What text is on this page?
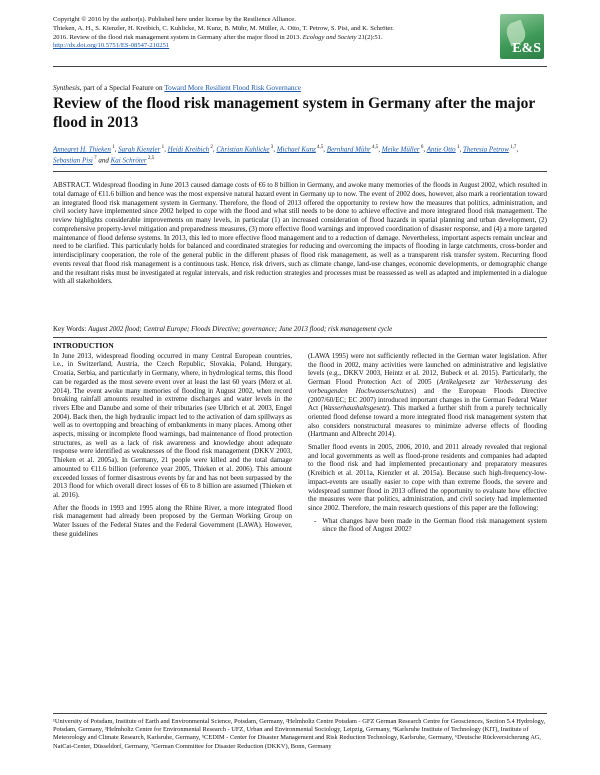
Copyright © 2016 by the author(s). Published here under license by the Resilience Alliance.
Thieken, A. H., S. Kienzler, H. Kreibich, C. Kuhlicke, M. Kunz, B. Mühr, M. Müller, A. Otto, T. Petrow, S. Pisi, and K. Schröter.
2016. Review of the flood risk management system in Germany after the major flood in 2013. Ecology and Society 21(2):51.
http://dx.doi.org/10.5751/ES-08547-210251	E&S
Synthesis, part of a Special Feature on Toward More Resilient Flood Risk Governance
Review of the flood risk management system in Germany after the major flood in 2013
Annegret H. Thieken $^1$, Sarah Kienzler $^1$, Heidi Kreibich $^2$, Christian Kuhlicke $^3$, Michael Kunz $^{4,5}$, Bernhard Mühr $^{4,5}$, Meike Müller $^6$, Antje Otto $^1$, Theresia Petrow $^{1,7}$, Sebastian Pisi $^7$ and Kai Schröter $^{2,5}$
ABSTRACT. Widespread flooding in June 2013 caused damage costs of €6 to 8 billion in Germany, and awoke many memories of the floods in August 2002, which resulted in total damage of €11.6 billion and hence was the most expensive natural hazard event in Germany up to now. The event of 2002 does, however, also mark a reorientation toward an integrated flood risk management system in Germany. Therefore, the flood of 2013 offered the opportunity to review how the measures that politics, administration, and civil society have implemented since 2002 helped to cope with the flood and what still needs to be done to achieve effective and more integrated flood risk management. The review highlights considerable improvements on many levels, in particular (1) an increased consideration of flood hazards in spatial planning and urban development, (2) comprehensive property-level mitigation and preparedness measures, (3) more effective flood warnings and improved coordination of disaster response, and (4) a more targeted maintenance of flood defense systems. In 2013, this led to more effective flood management and to a reduction of damage. Nevertheless, important aspects remain unclear and need to be clarified. This particularly holds for balanced and coordinated strategies for reducing and overcoming the impacts of flooding in large catchments, cross-border and interdisciplinary cooperation, the role of the general public in the different phases of flood risk management, as well as a transparent risk transfer system. Recurring flood events reveal that flood risk management is a continuous task. Hence, risk drivers, such as climate change, land-use changes, economic developments, or demographic change and the resultant risks must be investigated at regular intervals, and risk reduction strategies and processes must be reassessed as well as adapted and implemented in a dialogue with all stakeholders.
Key Words: August 2002 flood; Central Europe; Floods Directive; governance; June 2013 flood; risk management cycle
INTRODUCTION

In June 2013, widespread flooding occurred in many Central European countries, i.e., in Switzerland, Austria, the Czech Republic, Slovakia, Poland, Hungary, Croatia, Serbia, and particularly in Germany, where, in hydrological terms, this flood can be regarded as the most severe event over at least the last 60 years (Merz et al. 2014). The event awoke many memories of flooding in August 2002, when record breaking rainfall amounts resulted in extreme discharges and water levels in the rivers Elbe and Danube and some of their tributaries (see Ulbrich et al. 2003, Engel 2004). Back then, the high hydraulic impact led to the activation of dam spillways as well as to overtopping and breaching of embankments in many places. Among other aspects, missing or incomplete flood warnings, bad maintenance of flood protection structures, as well as a lack of risk awareness and knowledge about adequate response were identified as weaknesses of the flood risk management (DKKV 2003, Thieken et al. 2005a). In Germany, 21 people were killed and the total damage amounted to €11.6 billion (reference year 2005, Thieken et al. 2006). This amount exceeded losses of former disastrous events by far and has not been surpassed by the 2013 flood for which overall direct losses of €6 to 8 billion are assumed (Thieken et al. 2016).

After the floods in 1993 and 1995 along the Rhine River, a more integrated flood risk management had already been proposed by the German Working Group on Water Issues of the Federal States and the Federal Government (LAWA). However, these guidelines

(LAWA 1995) were not sufficiently reflected in the German water legislation. After the flood in 2002, many activities were launched on administrative and legislative levels (e.g., DKKV 2003, Heintz et al. 2012, Bubeck et al. 2015). Particularly, the German Flood Protection Act of 2005 (Artikelgesetz zur Verbesserung des vorbeugenden Hochwasserschutzes) and the European Floods Directive (2007/60/EC; EC 2007) introduced important changes in the German Federal Water Act (Wasserhaushaltsgesetz). This marked a further shift from a purely technically oriented flood defense toward a more integrated flood risk management system that also considers nonstructural measures to minimize adverse effects of flooding (Hartmann and Albrecht 2014).

Smaller flood events in 2005, 2006, 2010, and 2011 already revealed that regional and local governments as well as flood-prone residents and companies had adapted to the flood risk and had implemented precautionary and preparatory measures (Kreibich et al. 2011a, Kienzler et al. 2015a). Because such high-frequency-low-impact-events are usually easier to cope with than extreme floods, the severe and widespread summer flood in 2013 offered the opportunity to evaluate how effective the measures were that politics, administration, and civil society had implemented since 2002. Therefore, the main research questions of this paper are the following:

- What changes have been made in the German flood risk management system since the flood of August 2002?
¹University of Potsdam, Institute of Earth and Environmental Science, Potsdam, Germany, ²Helmholtz Centre Potsdam - GFZ German Research Centre for Geosciences, Section 5.4 Hydrology, Potsdam, Germany, ³Helmholtz Centre for Environmental Research - UFZ, Urban and Environmental Sociology, Leipzig, Germany, ⁴Karlsruhe Institute of Technology (KIT), Institute of Meteorology and Climate Research, Karlsruhe, Germany, ⁵CEDIM - Center for Disaster Management and Risk Reduction Technology, Karlsruhe, Germany, ⁶Deutsche Rückversicherung AG, NatCat-Center, Düsseldorf, Germany, ⁷German Committee for Disaster Reduction (DKKV), Bonn, Germany
